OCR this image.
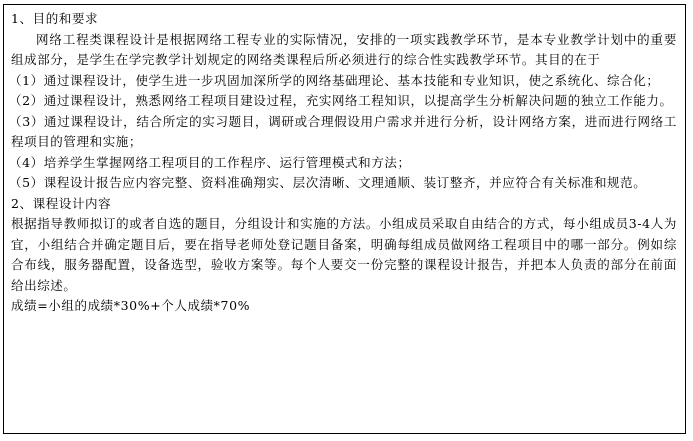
1、目的和要求

网络工程类课程设计是根据网络工程专业的实际情况，安排的一项实践教学环节，是本专业教学计划中的重要组成部分，是学生在学完教学计划规定的网络类课程后所必须进行的综合性实践教学环节。其目的在于

（1）通过课程设计，使学生进一步巩固加深所学的网络基础理论、基本技能和专业知识，使之系统化、综合化；

（2）通过课程设计，熟悉网络工程项目建设过程，充实网络工程知识，以提高学生分析解决问题的独立工作能力。

（3）通过课程设计，结合所定的实习题目，调研或合理假设用户需求并进行分析，设计网络方案，进而进行网络工程项目的管理和实施；

（4）培养学生掌握网络工程项目的工作程序、运行管理模式和方法；

（5）课程设计报告应内容完整、资料准确翔实、层次清晰、文理通顺、装订整齐，并应符合有关标准和规范。

2、课程设计内容

根据指导教师拟订的或者自选的题目，分组设计和实施的方法。小组成员采取自由结合的方式，每小组成员3-4人为宜，小组结合并确定题目后，要在指导老师处登记题目备案，明确每组成员做网络工程项目中的哪一部分。例如综合布线，服务器配置，设备选型，验收方案等。每个人要交一份完整的课程设计报告，并把本人负责的部分在前面给出综述。

成绩=小组的成绩*30%+个人成绩*70%
